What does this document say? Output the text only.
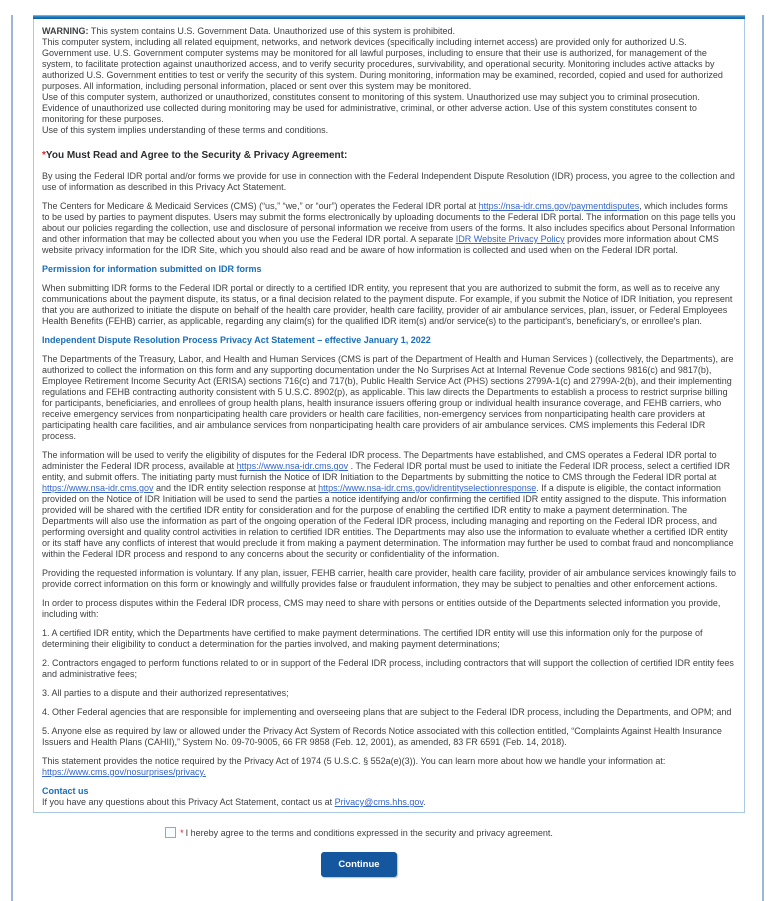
WARNING: This system contains U.S. Government Data. Unauthorized use of this system is prohibited.
This computer system, including all related equipment, networks, and network devices (specifically including internet access) are provided only for authorized U.S. Government use. U.S. Government computer systems may be monitored for all lawful purposes, including to ensure that their use is authorized, for management of the system, to facilitate protection against unauthorized access, and to verify security procedures, survivability, and operational security. Monitoring includes active attacks by authorized U.S. Government entities to test or verify the security of this system. During monitoring, information may be examined, recorded, copied and used for authorized purposes. All information, including personal information, placed or sent over this system may be monitored.
Use of this computer system, authorized or unauthorized, constitutes consent to monitoring of this system. Unauthorized use may subject you to criminal prosecution. Evidence of unauthorized use collected during monitoring may be used for administrative, criminal, or other adverse action. Use of this system constitutes consent to monitoring for these purposes.
Use of this system implies understanding of these terms and conditions.
*You Must Read and Agree to the Security & Privacy Agreement:
By using the Federal IDR portal and/or forms we provide for use in connection with the Federal Independent Dispute Resolution (IDR) process, you agree to the collection and use of information as described in this Privacy Act Statement.
The Centers for Medicare & Medicaid Services (CMS) (“us,” “we,” or “our”) operates the Federal IDR portal at https://nsa-idr.cms.gov/paymentdisputes, which includes forms to be used by parties to payment disputes. Users may submit the forms electronically by uploading documents to the Federal IDR portal. The information on this page tells you about our policies regarding the collection, use and disclosure of personal information we receive from users of the forms. It also includes specifics about Personal Information and other information that may be collected about you when you use the Federal IDR portal. A separate IDR Website Privacy Policy provides more information about CMS website privacy information for the IDR Site, which you should also read and be aware of how information is collected and used when on the Federal IDR portal.
Permission for information submitted on IDR forms
When submitting IDR forms to the Federal IDR portal or directly to a certified IDR entity, you represent that you are authorized to submit the form, as well as to receive any communications about the payment dispute, its status, or a final decision related to the payment dispute. For example, if you submit the Notice of IDR Initiation, you represent that you are authorized to initiate the dispute on behalf of the health care provider, health care facility, provider of air ambulance services, plan, issuer, or Federal Employees Health Benefits (FEHB) carrier, as applicable, regarding any claim(s) for the qualified IDR item(s) and/or service(s) to the participant's, beneficiary's, or enrollee's plan.
Independent Dispute Resolution Process Privacy Act Statement – effective January 1, 2022
The Departments of the Treasury, Labor, and Health and Human Services (CMS is part of the Department of Health and Human Services ) (collectively, the Departments), are authorized to collect the information on this form and any supporting documentation under the No Surprises Act at Internal Revenue Code sections 9816(c) and 9817(b), Employee Retirement Income Security Act (ERISA) sections 716(c) and 717(b), Public Health Service Act (PHS) sections 2799A-1(c) and 2799A-2(b), and their implementing regulations and FEHB contracting authority consistent with 5 U.S.C. 8902(p), as applicable. This law directs the Departments to establish a process to restrict surprise billing for participants, beneficiaries, and enrollees of group health plans, health insurance issuers offering group or individual health insurance coverage, and FEHB carriers, who receive emergency services from nonparticipating health care providers or health care facilities, non-emergency services from nonparticipating health care providers at participating health care facilities, and air ambulance services from nonparticipating health care providers of air ambulance services. CMS implements this Federal IDR process.
The information will be used to verify the eligibility of disputes for the Federal IDR process. The Departments have established, and CMS operates a Federal IDR portal to administer the Federal IDR process, available at https://www.nsa-idr.cms.gov . The Federal IDR portal must be used to initiate the Federal IDR process, select a certified IDR entity, and submit offers. The initiating party must furnish the Notice of IDR Initiation to the Departments by submitting the notice to CMS through the Federal IDR portal at https://www.nsa-idr.cms.gov and the IDR entity selection response at https://www.nsa-idr.cms.gov/idrentityselectionresponse. If a dispute is eligible, the contact information provided on the Notice of IDR Initiation will be used to send the parties a notice identifying and/or confirming the certified IDR entity assigned to the dispute. This information provided will be shared with the certified IDR entity for consideration and for the purpose of enabling the certified IDR entity to make a payment determination. The Departments will also use the information as part of the ongoing operation of the Federal IDR process, including managing and reporting on the Federal IDR process, and performing oversight and quality control activities in relation to certified IDR entities. The Departments may also use the information to evaluate whether a certified IDR entity or its staff have any conflicts of interest that would preclude it from making a payment determination. The information may further be used to combat fraud and noncompliance within the Federal IDR process and respond to any concerns about the security or confidentiality of the information.
Providing the requested information is voluntary. If any plan, issuer, FEHB carrier, health care provider, health care facility, provider of air ambulance services knowingly fails to provide correct information on this form or knowingly and willfully provides false or fraudulent information, they may be subject to penalties and other enforcement actions.
In order to process disputes within the Federal IDR process, CMS may need to share with persons or entities outside of the Departments selected information you provide, including with:
1. A certified IDR entity, which the Departments have certified to make payment determinations. The certified IDR entity will use this information only for the purpose of determining their eligibility to conduct a determination for the parties involved, and making payment determinations;
2. Contractors engaged to perform functions related to or in support of the Federal IDR process, including contractors that will support the collection of certified IDR entity fees and administrative fees;
3. All parties to a dispute and their authorized representatives;
4. Other Federal agencies that are responsible for implementing and overseeing plans that are subject to the Federal IDR process, including the Departments, and OPM; and
5. Anyone else as required by law or allowed under the Privacy Act System of Records Notice associated with this collection entitled, “Complaints Against Health Insurance Issuers and Health Plans (CAHII),” System No. 09-70-9005, 66 FR 9858 (Feb. 12, 2001), as amended, 83 FR 6591 (Feb. 14, 2018).
This statement provides the notice required by the Privacy Act of 1974 (5 U.S.C. § 552a(e)(3)). You can learn more about how we handle your information at:
https://www.cms.gov/nosurprises/privacy.
Contact us
If you have any questions about this Privacy Act Statement, contact us at Privacy@cms.hhs.gov.
* I hereby agree to the terms and conditions expressed in the security and privacy agreement.
Continue
